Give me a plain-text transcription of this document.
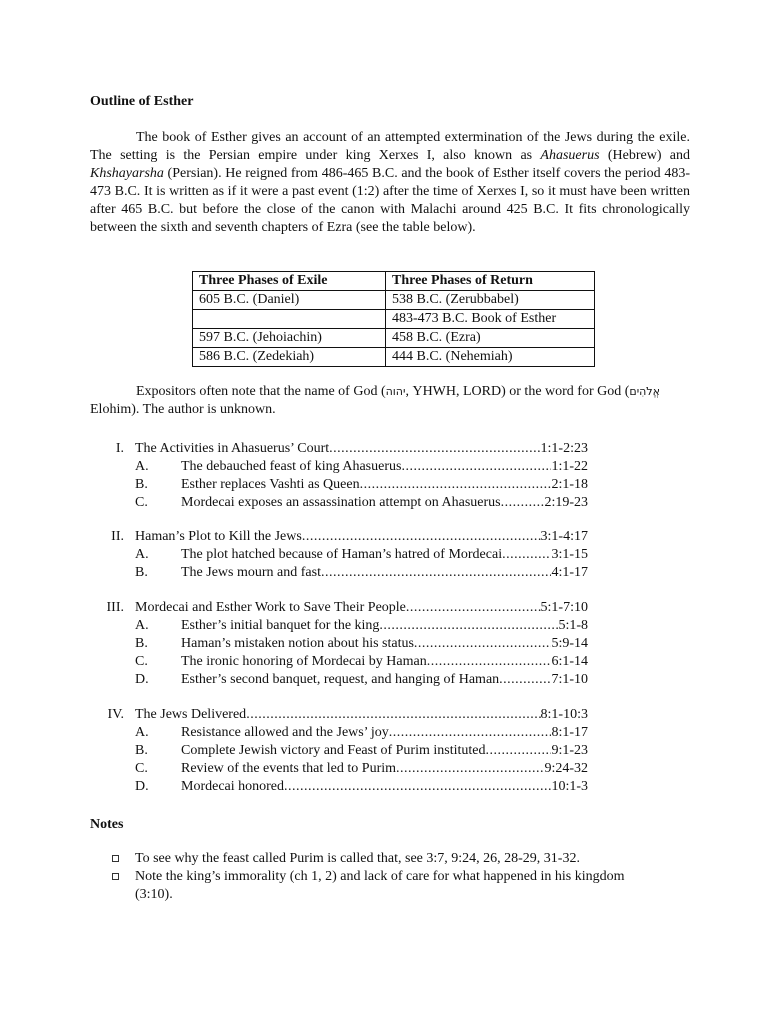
Outline of Esther

The book of Esther gives an account of an attempted extermination of the Jews during the exile. The setting is the Persian empire under king Xerxes I, also known as Ahasuerus (Hebrew) and Khshayarsha (Persian). He reigned from 486-465 B.C. and the book of Esther itself covers the period 483-473 B.C. It is written as if it were a past event (1:2) after the time of Xerxes I, so it must have been written after 465 B.C. but before the close of the canon with Malachi around 425 B.C. It fits chronologically between the sixth and seventh chapters of Ezra (see the table below).

Three Phases of Exile	Three Phases of Return
605 B.C. (Daniel)	538 B.C. (Zerubbabel)
	483-473 B.C. Book of Esther
597 B.C. (Jehoiachin)	458 B.C. (Ezra)
586 B.C. (Zedekiah)	444 B.C. (Nehemiah)

Expositors often note that the name of God (יהוה, YHWH, LORD) or the word for God (אֱלֹהִים Elohim). The author is unknown.

I. The Activities in Ahasuerus’ Court .....	1:1-2:23
A. The debauched feast of king Ahasuerus .....	1:1-22
B. Esther replaces Vashti as Queen .....	2:1-18
C. Mordecai exposes an assassination attempt on Ahasuerus .....	2:19-23
II. Haman’s Plot to Kill the Jews .....	3:1-4:17
A. The plot hatched because of Haman’s hatred of Mordecai .....	3:1-15
B. The Jews mourn and fast .....	4:1-17
III. Mordecai and Esther Work to Save Their People .....	5:1-7:10
A. Esther’s initial banquet for the king .....	5:1-8
B. Haman’s mistaken notion about his status .....	5:9-14
C. The ironic honoring of Mordecai by Haman .....	6:1-14
D. Esther’s second banquet, request, and hanging of Haman .....	7:1-10
IV. The Jews Delivered .....	8:1-10:3
A. Resistance allowed and the Jews’ joy .....	8:1-17
B. Complete Jewish victory and Feast of Purim instituted .....	9:1-23
C. Review of the events that led to Purim .....	9:24-32
D. Mordecai honored .....	10:1-3
Notes
To see why the feast called Purim is called that, see 3:7, 9:24, 26, 28-29, 31-32.
Note the king’s immorality (ch 1, 2) and lack of care for what happened in his kingdom (3:10).
